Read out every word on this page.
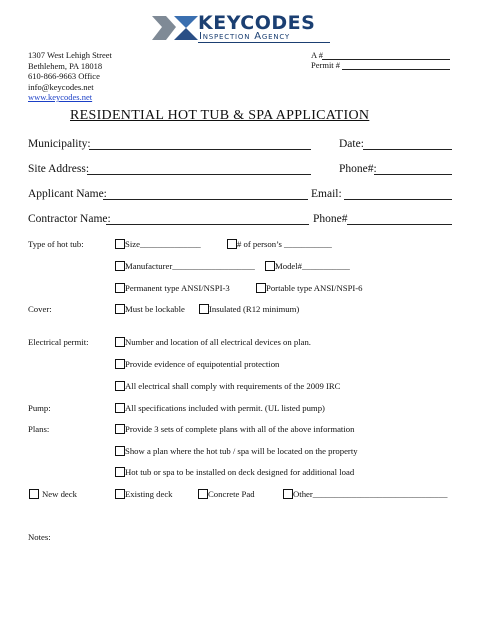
KEYCODES
Inspection Agency
1307 West Lehigh Street
Bethlehem, PA 18018
610-866-9663 Office
info@keycodes.net
www.keycodes.net
A #
Permit #
RESIDENTIAL HOT TUB & SPA APPLICATION
Municipality:	Date:
Site Address:	Phone#:
Applicant Name:	Email:
Contractor Name:	Phone#
Type of hot tub:	Size______________	# of person’s ___________
Manufacturer___________________ Model#___________
Permanent type ANSI/NSPI-3	Portable type ANSI/NSPI-6
Cover:	Must be lockable	Insulated (R12 minimum)
Electrical permit:	Number and location of all electrical devices on plan.
Provide evidence of equipotential protection
All electrical shall comply with requirements of the 2009 IRC
Pump:	All specifications included with permit. (UL listed pump)
Plans:	Provide 3 sets of complete plans with all of the above information
Show a plan where the hot tub / spa will be located on the property
Hot tub or spa to be installed on deck designed for additional load
New deck	Existing deck	Concrete Pad	Other_______________________________
Notes:
